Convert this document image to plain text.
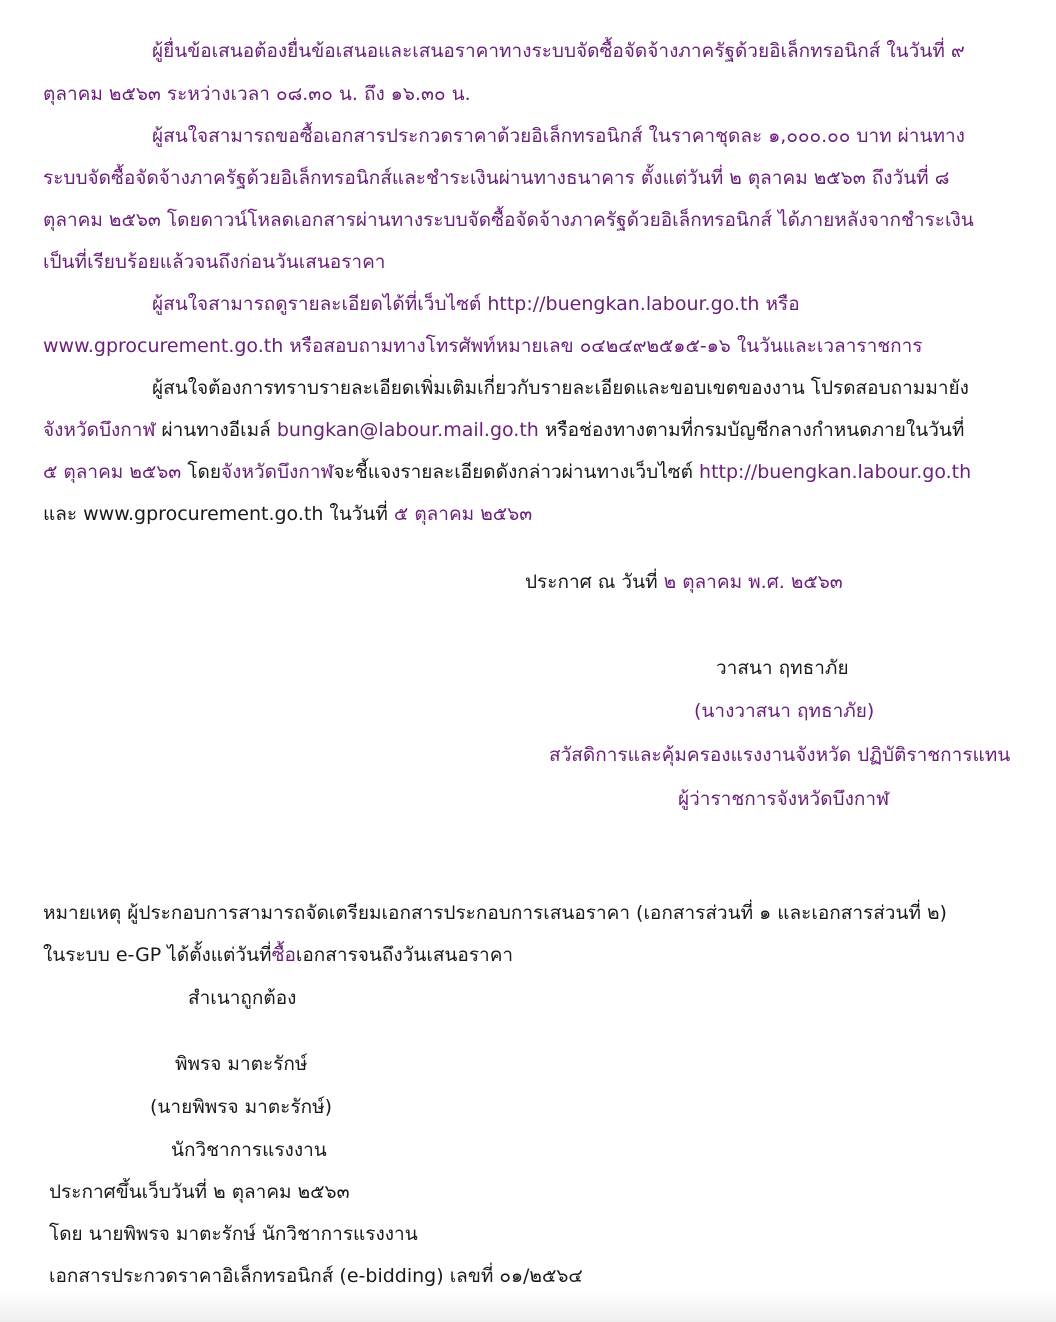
ผู้ยื่นข้อเสนอต้องยื่นข้อเสนอและเสนอราคาทางระบบจัดซื้อจัดจ้างภาครัฐด้วยอิเล็กทรอนิกส์ ในวันที่ ๙
ตุลาคม ๒๕๖๓ ระหว่างเวลา ๐๘.๓๐ น. ถึง ๑๖.๓๐ น.
ผู้สนใจสามารถขอซื้อเอกสารประกวดราคาด้วยอิเล็กทรอนิกส์ ในราคาชุดละ ๑,๐๐๐.๐๐ บาท ผ่านทาง
ระบบจัดซื้อจัดจ้างภาครัฐด้วยอิเล็กทรอนิกส์และชำระเงินผ่านทางธนาคาร ตั้งแต่วันที่ ๒ ตุลาคม ๒๕๖๓ ถึงวันที่ ๘
ตุลาคม ๒๕๖๓ โดยดาวน์โหลดเอกสารผ่านทางระบบจัดซื้อจัดจ้างภาครัฐด้วยอิเล็กทรอนิกส์ ได้ภายหลังจากชำระเงิน
เป็นที่เรียบร้อยแล้วจนถึงก่อนวันเสนอราคา
ผู้สนใจสามารถดูรายละเอียดได้ที่เว็บไซต์ http://buengkan.labour.go.th หรือ
www.gprocurement.go.th หรือสอบถามทางโทรศัพท์หมายเลข ๐๔๒๔๙๒๕๑๕-๑๖ ในวันและเวลาราชการ
ผู้สนใจต้องการทราบรายละเอียดเพิ่มเติมเกี่ยวกับรายละเอียดและขอบเขตของงาน โปรดสอบถามมายัง
จังหวัดบึงกาฬ ผ่านทางอีเมล์ bungkan@labour.mail.go.th หรือช่องทางตามที่กรมบัญชีกลางกำหนดภายในวันที่
๕ ตุลาคม ๒๕๖๓ โดยจังหวัดบึงกาฬจะชี้แจงรายละเอียดดังกล่าวผ่านทางเว็บไซต์ http://buengkan.labour.go.th
และ www.gprocurement.go.th ในวันที่ ๕ ตุลาคม ๒๕๖๓
ประกาศ ณ วันที่ ๒ ตุลาคม พ.ศ. ๒๕๖๓
วาสนา ฤทธาภัย
(นางวาสนา ฤทธาภัย)
สวัสดิการและคุ้มครองแรงงานจังหวัด ปฏิบัติราชการแทน
ผู้ว่าราชการจังหวัดบึงกาฬ
หมายเหตุ ผู้ประกอบการสามารถจัดเตรียมเอกสารประกอบการเสนอราคา (เอกสารส่วนที่ ๑ และเอกสารส่วนที่ ๒)
ในระบบ e-GP ได้ตั้งแต่วันที่ซื้อเอกสารจนถึงวันเสนอราคา
สำเนาถูกต้อง
พิพรจ มาตะรักษ์
(นายพิพรจ มาตะรักษ์)
นักวิชาการแรงงาน
ประกาศขึ้นเว็บวันที่ ๒ ตุลาคม ๒๕๖๓
โดย นายพิพรจ มาตะรักษ์ นักวิชาการแรงงาน
เอกสารประกวดราคาอิเล็กทรอนิกส์ (e-bidding) เลขที่ ๐๑/๒๕๖๔
